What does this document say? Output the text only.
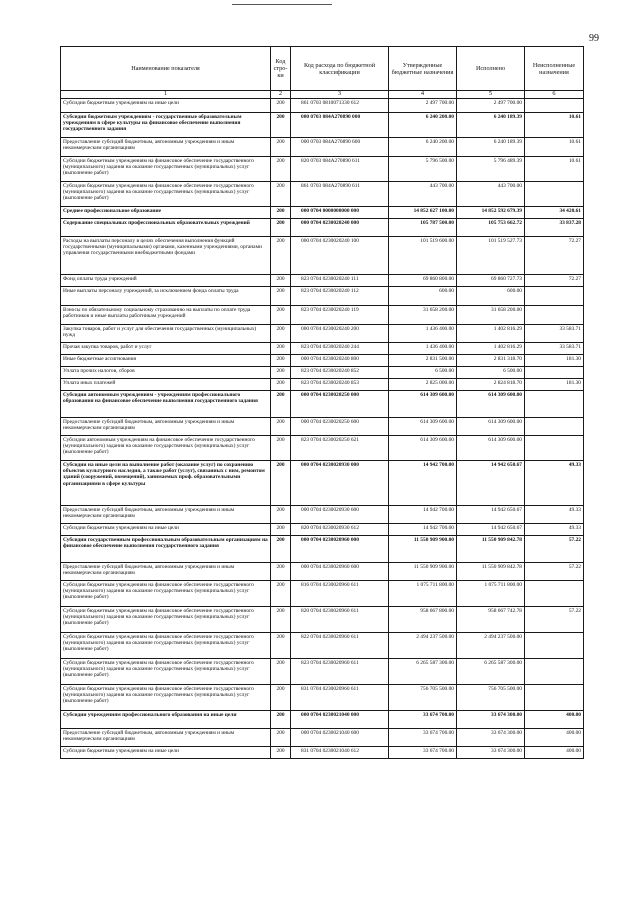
99
Наименование показателя	Код стро-ки	Код расхода по бюджетной классификации	Утвержденные бюджетные назначения	Исполнено	Неисполненные назначения
1	2	3	4	5	6
Субсидии бюджетным учреждениям на иные цели	200	861 0703 0810071330 612	2 497 700.00	2 497 700.00	
Субсидии бюджетным учреждениям - государственные образовательным учреждениям в сфере культуры на финансовое обеспечение выполнения государственного задания	200	000 0703 084A270890 000	6 240 200.00	6 240 189.39	10.61
Предоставление субсидий бюджетным, автономным учреждениям и иным некоммерческим организациям	200	000 0703 084A270890 600	6 240 200.00	6 240 189.39	10.61
Субсидии бюджетным учреждениям на финансовое обеспечение государственного (муниципального) задания на оказание государственных (муниципальных) услуг (выполнение работ)	200	820 0703 084A270890 611	5 796 500.00	5 796 489.39	10.61
Субсидии бюджетным учреждениям на финансовое обеспечение государственного (муниципального) задания на оказание государственных (муниципальных) услуг (выполнение работ)	200	861 0703 084A270890 611	443 700.00	443 700.00	
Среднее профессиональное образование	200	000 0704 0000000000 000	14 852 627 100.00	14 852 592 679.39	34 420.61
Содержание специальных профессиональных образовательных учреждений	200	000 0704 0230020240 000	105 787 500.00	105 753 662.72	33 837.28
Расходы на выплаты персоналу в целях обеспечения выполнения функций государственными (муниципальными) органами, казенными учреждениями, органами управления государственными внебюджетными фондами	200	000 0704 0230020240 100	101 519 600.00	101 519 527.73	72.27
Фонд оплаты труда учреждений	200	823 0704 0230020240 111	69 860 800.00	69 860 727.73	72.27
Иные выплаты персоналу учреждений, за исключением фонда оплаты труда	200	823 0704 0230020240 112	600.00	600.00	
Взносы по обязательному социальному страхованию на выплаты по оплате труда работников и иные выплаты работникам учреждений	200	823 0704 0230020240 119	31 658 200.00	31 658 200.00	
Закупка товаров, работ и услуг для обеспечения государственных (муниципальных) нужд	200	000 0704 0230020240 200	1 436 400.00	1 402 816.29	33 583.71
Прочая закупка товаров, работ и услуг	200	823 0704 0230020240 244	1 436 400.00	1 402 816.29	33 583.71
Иные бюджетные ассигнования	200	000 0704 0230020240 800	2 831 500.00	2 831 318.70	181.30
Уплата прочих налогов, сборов	200	823 0704 0230020240 852	6 500.00	6 500.00	
Уплата иных платежей	200	823 0704 0230020240 853	2 825 000.00	2 824 818.70	181.30
Субсидии автономным учреждениям - учреждениям профессионального образования на финансовое обеспечение выполнения государственного задания	200	000 0704 0230020250 000	614 309 600.00	614 309 600.00	
Предоставление субсидий бюджетным, автономным учреждениям и иным некоммерческим организациям	200	000 0704 0230020250 600	614 309 600.00	614 309 600.00	
Субсидии автономным учреждениям на финансовое обеспечение государственного (муниципального) задания на оказание государственных (муниципальных) услуг (выполнение работ)	200	823 0704 0230020250 621	614 309 600.00	614 309 600.00	
Субсидии на иные цели на выполнение работ (оказание услуг) по сохранению объектов культурного наследия, а также работ (услуг), связанных с ним, ремонтом зданий (сооружений, помещений), занимаемых проф. образовательными организациями в сфере культуры	200	000 0704 0230020930 000	14 942 700.00	14 942 650.67	49.33
Предоставление субсидий бюджетным, автономным учреждениям и иным некоммерческим организациям	200	000 0704 0230020930 600	14 942 700.00	14 942 650.67	49.33
Субсидии бюджетным учреждениям на иные цели	200	820 0704 0230020930 612	14 942 700.00	14 942 650.67	49.33
Субсидии государственным профессиональным образовательным организациям на финансовое обеспечение выполнения государственного задания	200	000 0704 0230020960 000	11 550 909 900.00	11 550 909 842.78	57.22
Предоставление субсидий бюджетным, автономным учреждениям и иным некоммерческим организациям	200	000 0704 0230020960 600	11 550 909 900.00	11 550 909 842.78	57.22
Субсидии бюджетным учреждениям на финансовое обеспечение государственного (муниципального) задания на оказание государственных (муниципальных) услуг (выполнение работ)	200	816 0704 0230020960 611	1 075 711 800.00	1 075 711 800.00	
Субсидии бюджетным учреждениям на финансовое обеспечение государственного (муниципального) задания на оказание государственных (муниципальных) услуг (выполнение работ)	200	820 0704 0230020960 611	958 667 800.00	958 667 742.78	57.22
Субсидии бюджетным учреждениям на финансовое обеспечение государственного (муниципального) задания на оказание государственных (муниципальных) услуг (выполнение работ)	200	822 0704 0230020960 611	2 494 237 500.00	2 494 237 500.00	
Субсидии бюджетным учреждениям на финансовое обеспечение государственного (муниципального) задания на оказание государственных (муниципальных) услуг (выполнение работ)	200	823 0704 0230020960 611	6 265 587 300.00	6 265 587 300.00	
Субсидии бюджетным учреждениям на финансовое обеспечение государственного (муниципального) задания на оказание государственных (муниципальных) услуг (выполнение работ)	200	831 0704 0230020960 611	756 705 500.00	756 705 500.00	
Субсидии учреждениям профессионального образования на иные цели	200	000 0704 0230021040 000	33 674 700.00	33 674 300.00	400.00
Предоставление субсидий бюджетным, автономным учреждениям и иным некоммерческим организациям	200	000 0704 0230021040 600	33 674 700.00	33 674 300.00	400.00
Субсидии бюджетным учреждениям на иные цели	200	831 0704 0230021040 612	33 674 700.00	33 674 300.00	400.00
